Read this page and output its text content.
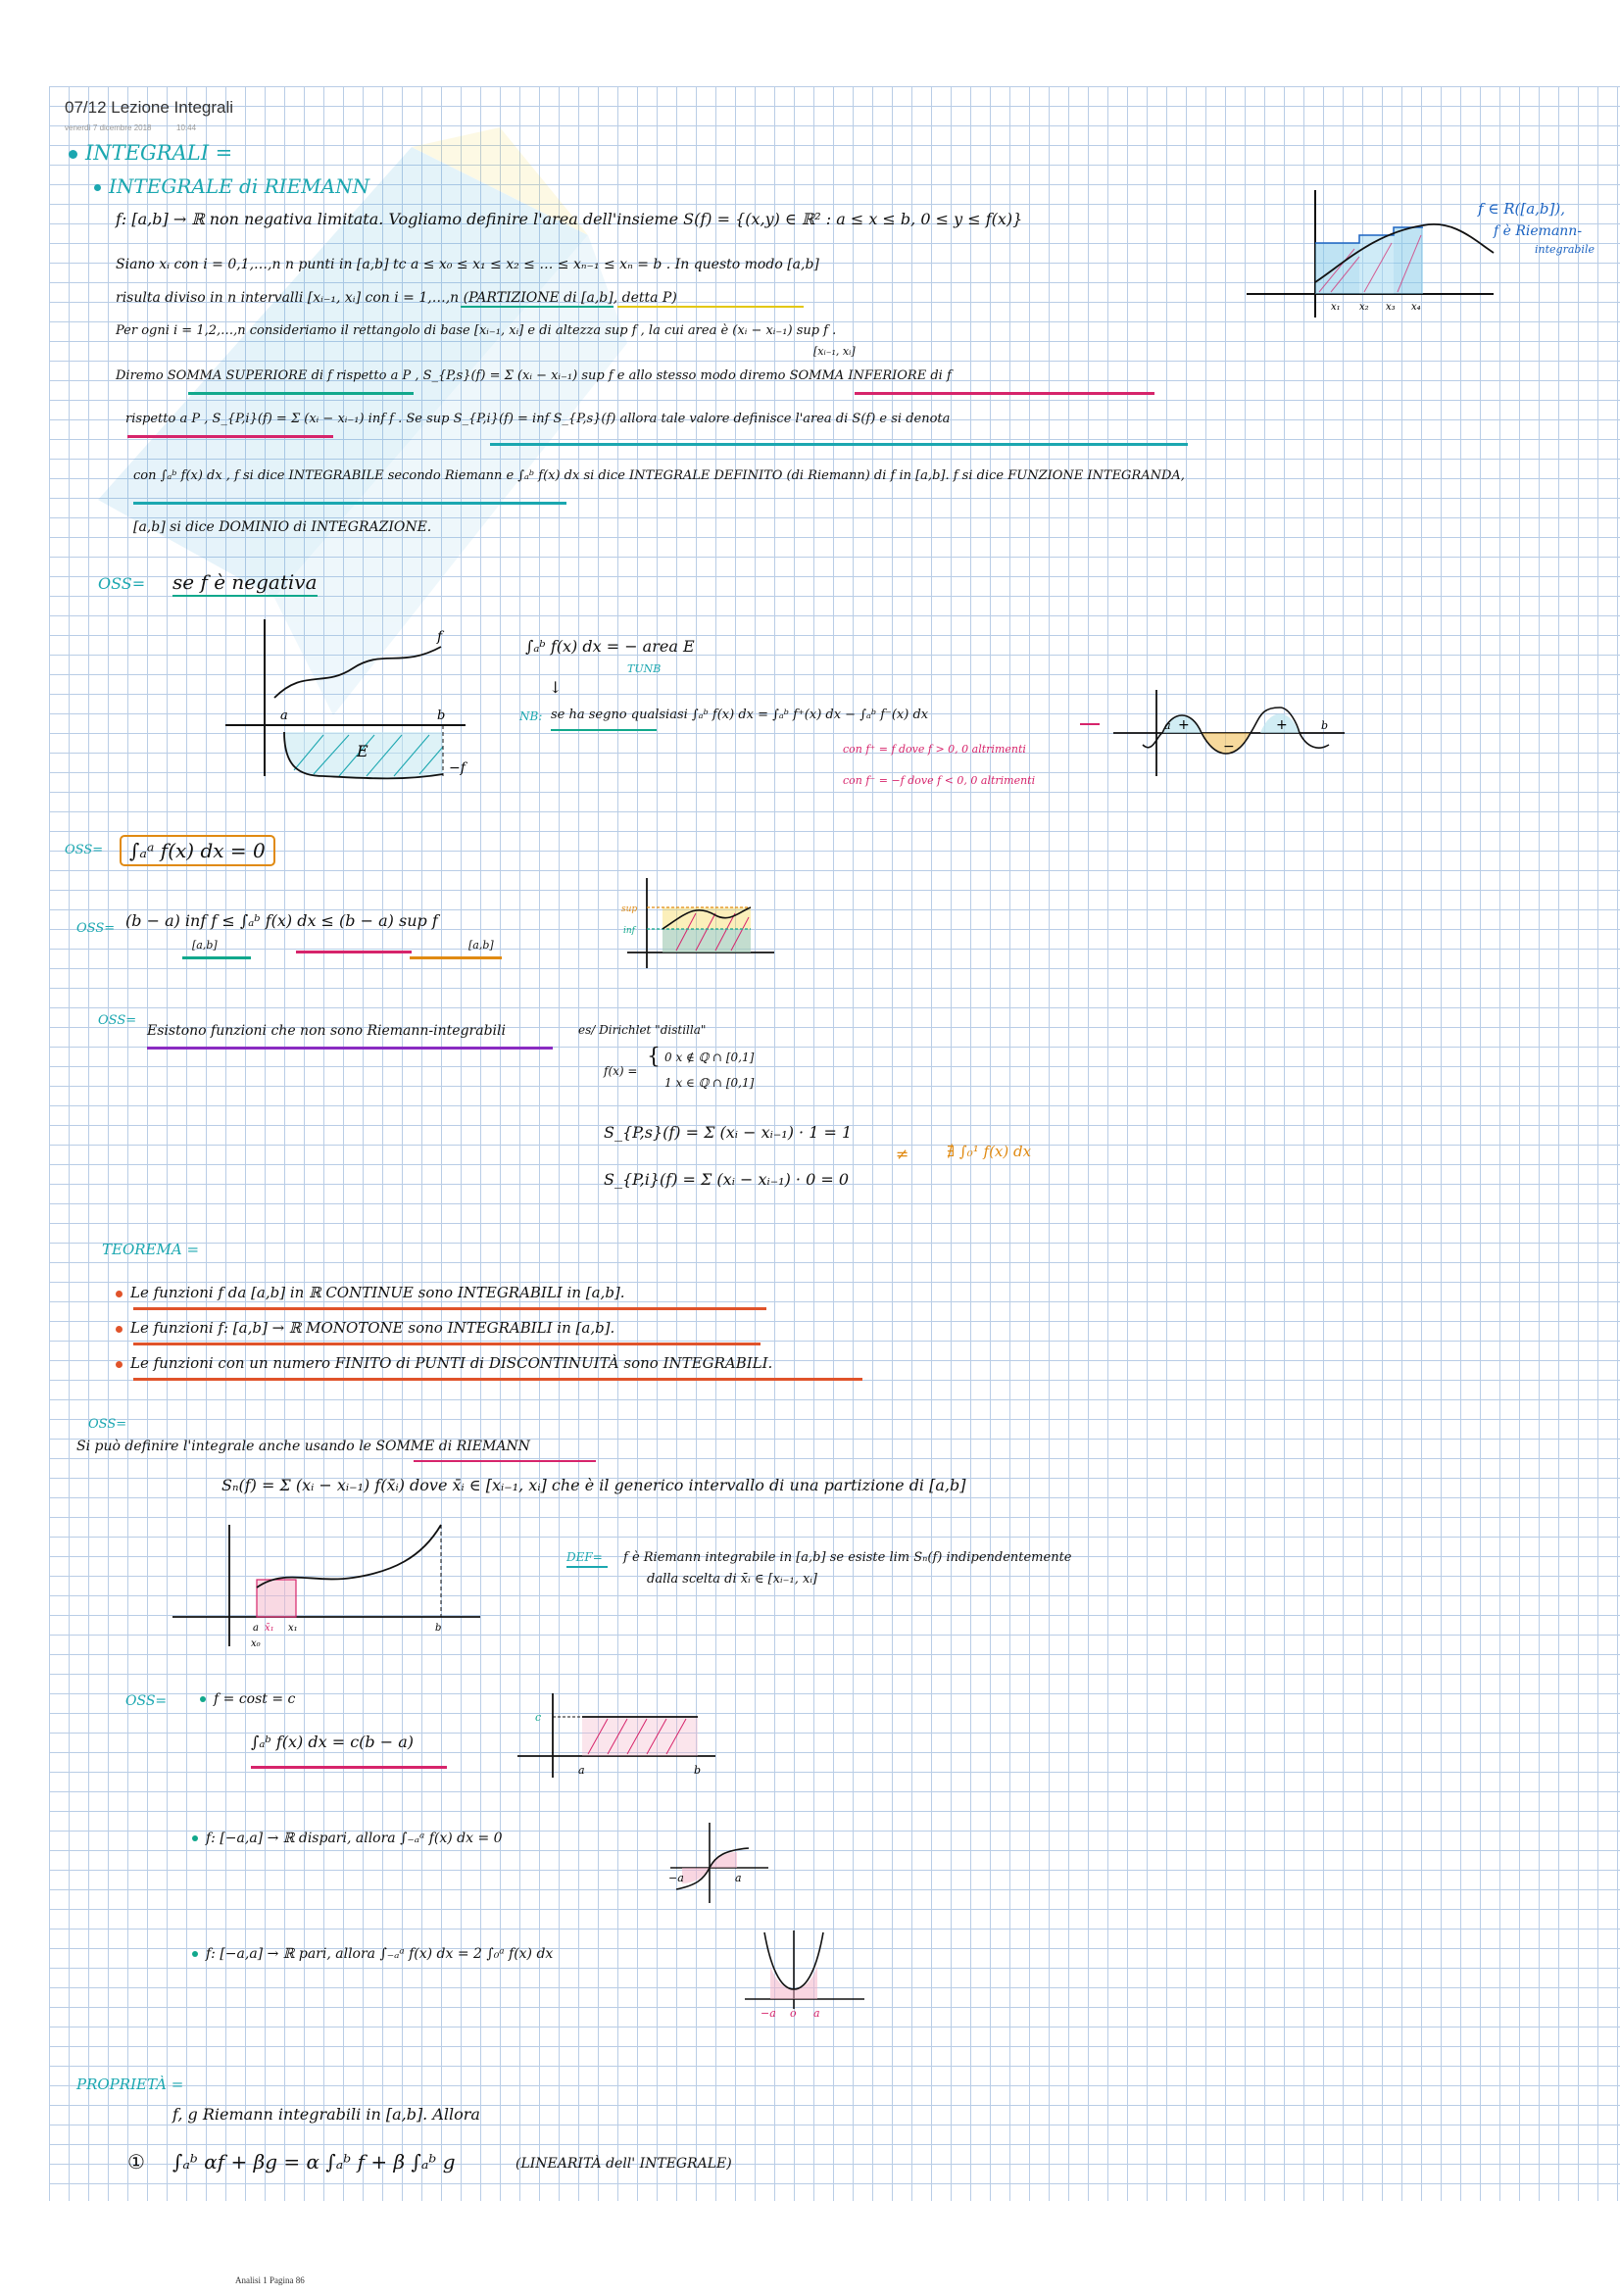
07/12 Lezione Integrali
venerdì 7 dicembre 2018	10:44
INTEGRALI =
INTEGRALE di RIEMANN
f: [a,b] → ℝ non negativa limitata. Vogliamo definire l'area dell'insieme S(f) = {(x,y) ∈ ℝ² : a ≤ x ≤ b, 0 ≤ y ≤ f(x)}
Siano xᵢ con i = 0,1,…,n n punti in [a,b] tc a ≤ x₀ ≤ x₁ ≤ x₂ ≤ … ≤ xₙ₋₁ ≤ xₙ = b . In questo modo [a,b]
risulta diviso in n intervalli [xᵢ₋₁, xᵢ] con i = 1,…,n (PARTIZIONE di [a,b], detta P)
Per ogni i = 1,2,…,n consideriamo il rettangolo di base [xᵢ₋₁, xᵢ] e di altezza sup f , la cui area è (xᵢ − xᵢ₋₁) sup f .
[xᵢ₋₁, xᵢ]
Diremo SOMMA SUPERIORE di f rispetto a P , S_{P,s}(f) = Σ (xᵢ − xᵢ₋₁) sup f e allo stesso modo diremo SOMMA INFERIORE di f
rispetto a P , S_{P,i}(f) = Σ (xᵢ − xᵢ₋₁) inf f . Se sup S_{P,i}(f) = inf S_{P,s}(f) allora tale valore definisce l'area di S(f) e si denota
con ∫ₐᵇ f(x) dx , f si dice INTEGRABILE secondo Riemann e ∫ₐᵇ f(x) dx si dice INTEGRALE DEFINITO (di Riemann) di f in [a,b]. f si dice FUNZIONE INTEGRANDA,
[a,b] si dice DOMINIO di INTEGRAZIONE.
x₁ x₂ x₃ x₄
f ∈ R([a,b]),
f è Riemann-
integrabile
OSS= se f è negativa
a	b
E
f
−f
∫ₐᵇ f(x) dx = − area E
TUNB
↓
NB: se ha segno qualsiasi ∫ₐᵇ f(x) dx = ∫ₐᵇ f⁺(x) dx − ∫ₐᵇ f⁻(x) dx
con f⁺ = f dove f > 0, 0 altrimenti
con f⁻ = −f dove f < 0, 0 altrimenti
a	b
+
−
+
OSS=	∫ₐᵃ f(x) dx = 0
OSS= (b − a) inf f ≤ ∫ₐᵇ f(x) dx ≤ (b − a) sup f
[a,b]	[a,b]
sup
inf
OSS=
Esistono funzioni che non sono Riemann-integrabili	es/ Dirichlet "distilla"
f(x) =
{ 0 x ∉ ℚ ∩ [0,1]
1 x ∈ ℚ ∩ [0,1]
S_{P,s}(f) = Σ (xᵢ − xᵢ₋₁) · 1 = 1
≠	∄ ∫₀¹ f(x) dx
S_{P,i}(f) = Σ (xᵢ − xᵢ₋₁) · 0 = 0
TEOREMA =
Le funzioni f da [a,b] in ℝ CONTINUE sono INTEGRABILI in [a,b].
Le funzioni f: [a,b] → ℝ MONOTONE sono INTEGRABILI in [a,b].
Le funzioni con un numero FINITO di PUNTI di DISCONTINUITÀ sono INTEGRABILI.
OSS=
Si può definire l'integrale anche usando le SOMME di RIEMANN
Sₙ(f) = Σ (xᵢ − xᵢ₋₁) f(x̄ᵢ) dove x̄ᵢ ∈ [xᵢ₋₁, xᵢ] che è il generico intervallo di una partizione di [a,b]
a x̄₁ x₁
x₀
b
DEF= f è Riemann integrabile in [a,b] se esiste lim Sₙ(f) indipendentemente
dalla scelta di x̄ᵢ ∈ [xᵢ₋₁, xᵢ]
OSS=	f = cost = c
∫ₐᵇ f(x) dx = c(b − a)
c
a	b
f: [−a,a] → ℝ dispari, allora ∫₋ₐᵃ f(x) dx = 0
−a	a
f: [−a,a] → ℝ pari, allora ∫₋ₐᵃ f(x) dx = 2 ∫₀ᵃ f(x) dx
−a o a
PROPRIETÀ =
f, g Riemann integrabili in [a,b]. Allora
① ∫ₐᵇ αf + βg = α ∫ₐᵇ f + β ∫ₐᵇ g	(LINEARITÀ dell' INTEGRALE)
Analisi 1 Pagina 86
